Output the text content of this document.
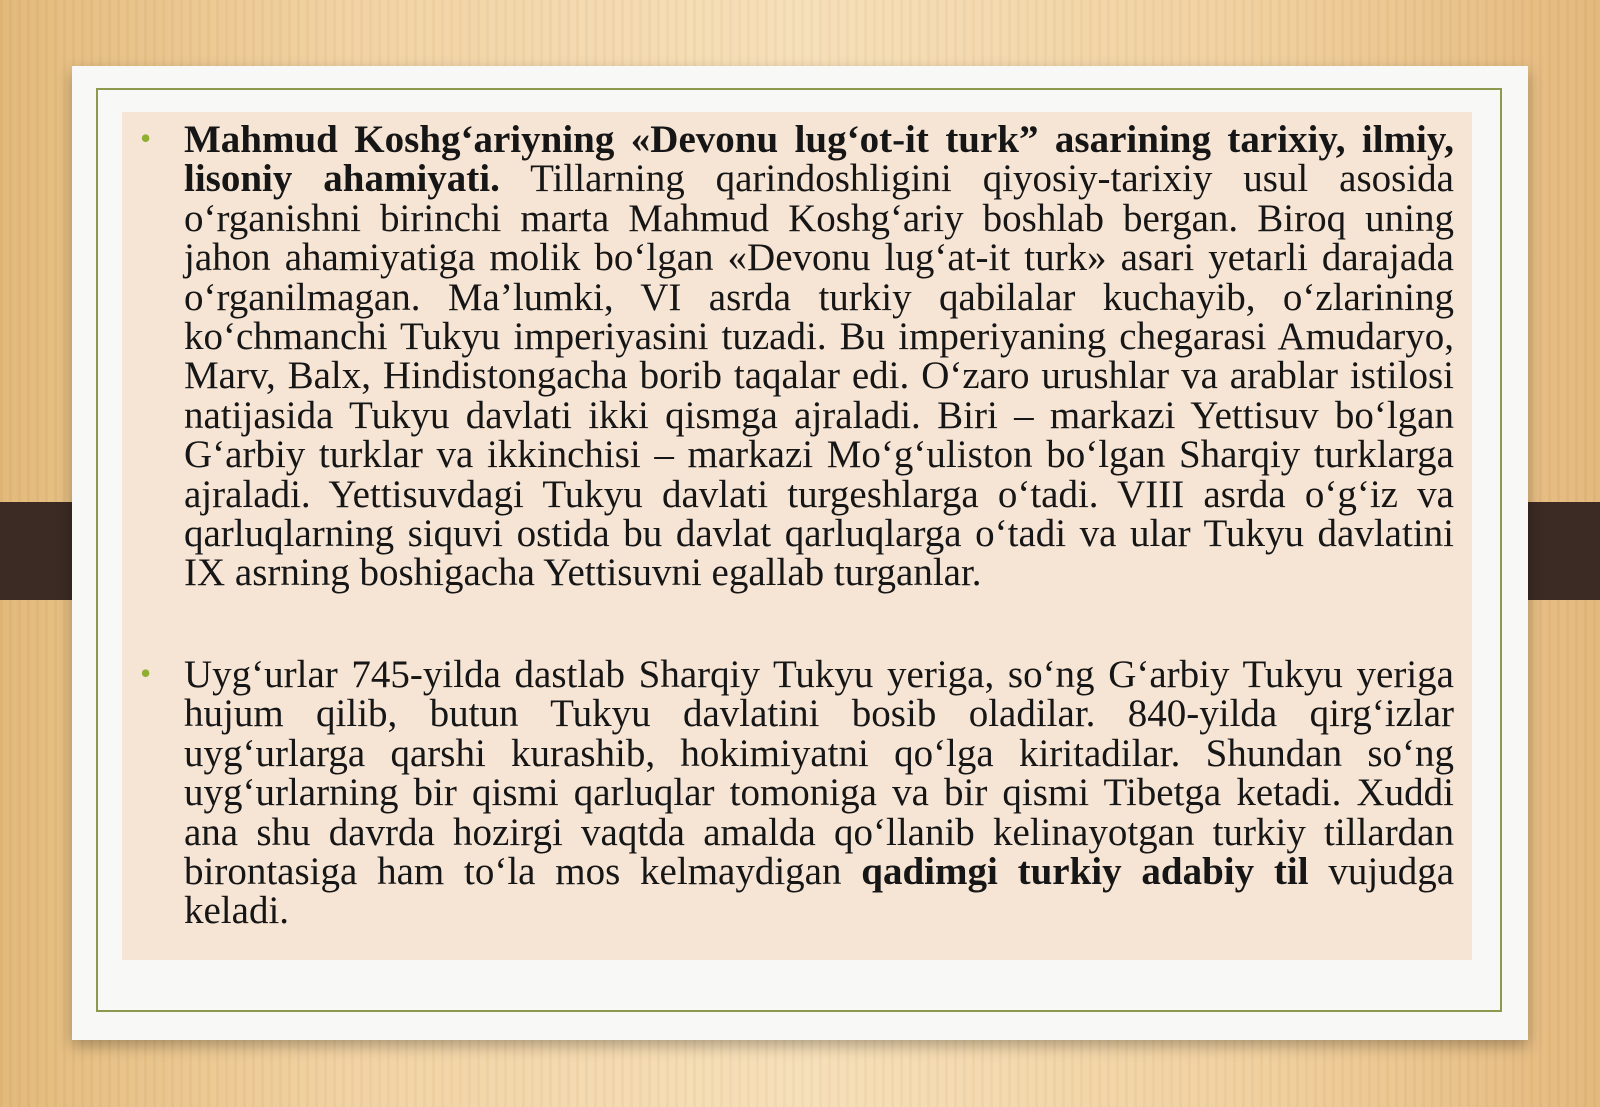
• Mahmud Koshg‘ariyning «Devonu lug‘ot-it turk” asarining tarixiy, ilmiy, lisoniy ahamiyati. Tillarning qarindoshligini qiyosiy-tarixiy usul asosida o‘rganishni birinchi marta Mahmud Koshg‘ariy boshlab bergan. Biroq uning jahon ahamiyatiga molik bo‘lgan «Devonu lug‘at-it turk» asari yetarli darajada o‘rganilmagan. Ma’lumki, VI asrda turkiy qabilalar kuchayib, o‘zlarining ko‘chmanchi Tukyu imperiyasini tuzadi. Bu imperiyaning chegarasi Amudaryo, Marv, Balx, Hindistongacha borib taqalar edi. O‘zaro urushlar va arablar istilosi natijasida Tukyu davlati ikki qismga ajraladi. Biri – markazi Yettisuv bo‘lgan G‘arbiy turklar va ikkinchisi – markazi Mo‘g‘uliston bo‘lgan Sharqiy turklarga ajraladi. Yettisuvdagi Tukyu davlati turgeshlarga o‘tadi. VIII asrda o‘g‘iz va qarluqlarning siquvi ostida bu davlat qarluqlarga o‘tadi va ular Tukyu davlatini IX asrning boshigacha Yettisuvni egallab turganlar.
• Uyg‘urlar 745-yilda dastlab Sharqiy Tukyu yeriga, so‘ng G‘arbiy Tukyu yeriga hujum qilib, butun Tukyu davlatini bosib oladilar. 840-yilda qirg‘izlar uyg‘urlarga qarshi kurashib, hokimiyatni qo‘lga kiritadilar. Shundan so‘ng uyg‘urlarning bir qismi qarluqlar tomoniga va bir qismi Tibetga ketadi. Xuddi ana shu davrda hozirgi vaqtda amalda qo‘llanib kelinayotgan turkiy tillardan birontasiga ham to‘la mos kelmaydigan qadimgi turkiy adabiy til vujudga keladi.
